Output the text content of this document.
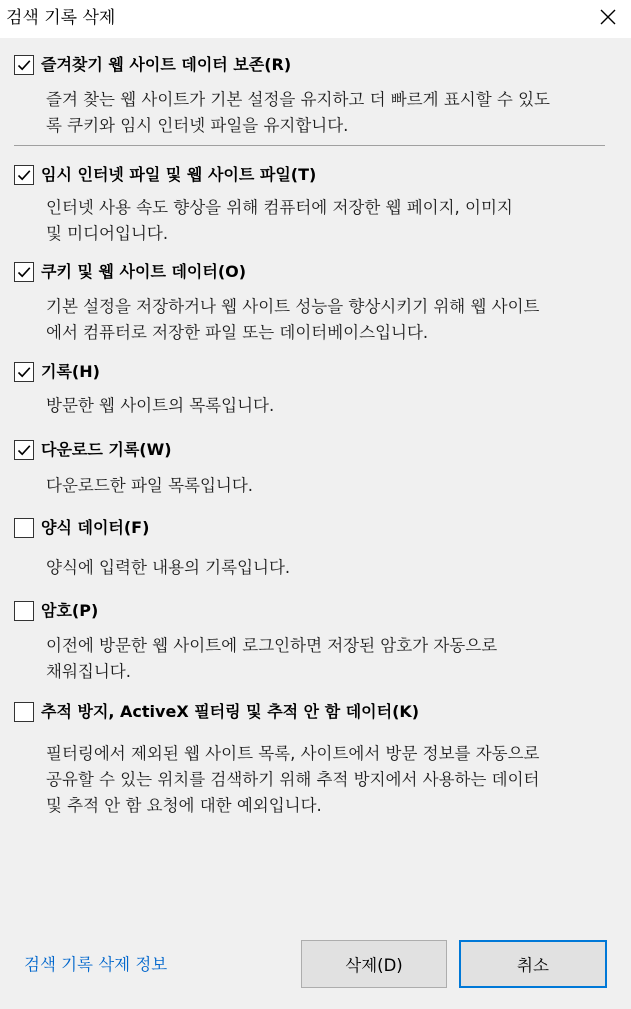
검색 기록 삭제
즐겨찾기 웹 사이트 데이터 보존(R)
즐겨 찾는 웹 사이트가 기본 설정을 유지하고 더 빠르게 표시할 수 있도
록 쿠키와 임시 인터넷 파일을 유지합니다.
임시 인터넷 파일 및 웹 사이트 파일(T)
인터넷 사용 속도 향상을 위해 컴퓨터에 저장한 웹 페이지, 이미지
및 미디어입니다.
쿠키 및 웹 사이트 데이터(O)
기본 설정을 저장하거나 웹 사이트 성능을 향상시키기 위해 웹 사이트
에서 컴퓨터로 저장한 파일 또는 데이터베이스입니다.
기록(H)
방문한 웹 사이트의 목록입니다.
다운로드 기록(W)
다운로드한 파일 목록입니다.
양식 데이터(F)
양식에 입력한 내용의 기록입니다.
암호(P)
이전에 방문한 웹 사이트에 로그인하면 저장된 암호가 자동으로
채워집니다.
추적 방지, ActiveX 필터링 및 추적 안 함 데이터(K)
필터링에서 제외된 웹 사이트 목록, 사이트에서 방문 정보를 자동으로
공유할 수 있는 위치를 검색하기 위해 추적 방지에서 사용하는 데이터
및 추적 안 함 요청에 대한 예외입니다.
검색 기록 삭제 정보	삭제(D)	취소
